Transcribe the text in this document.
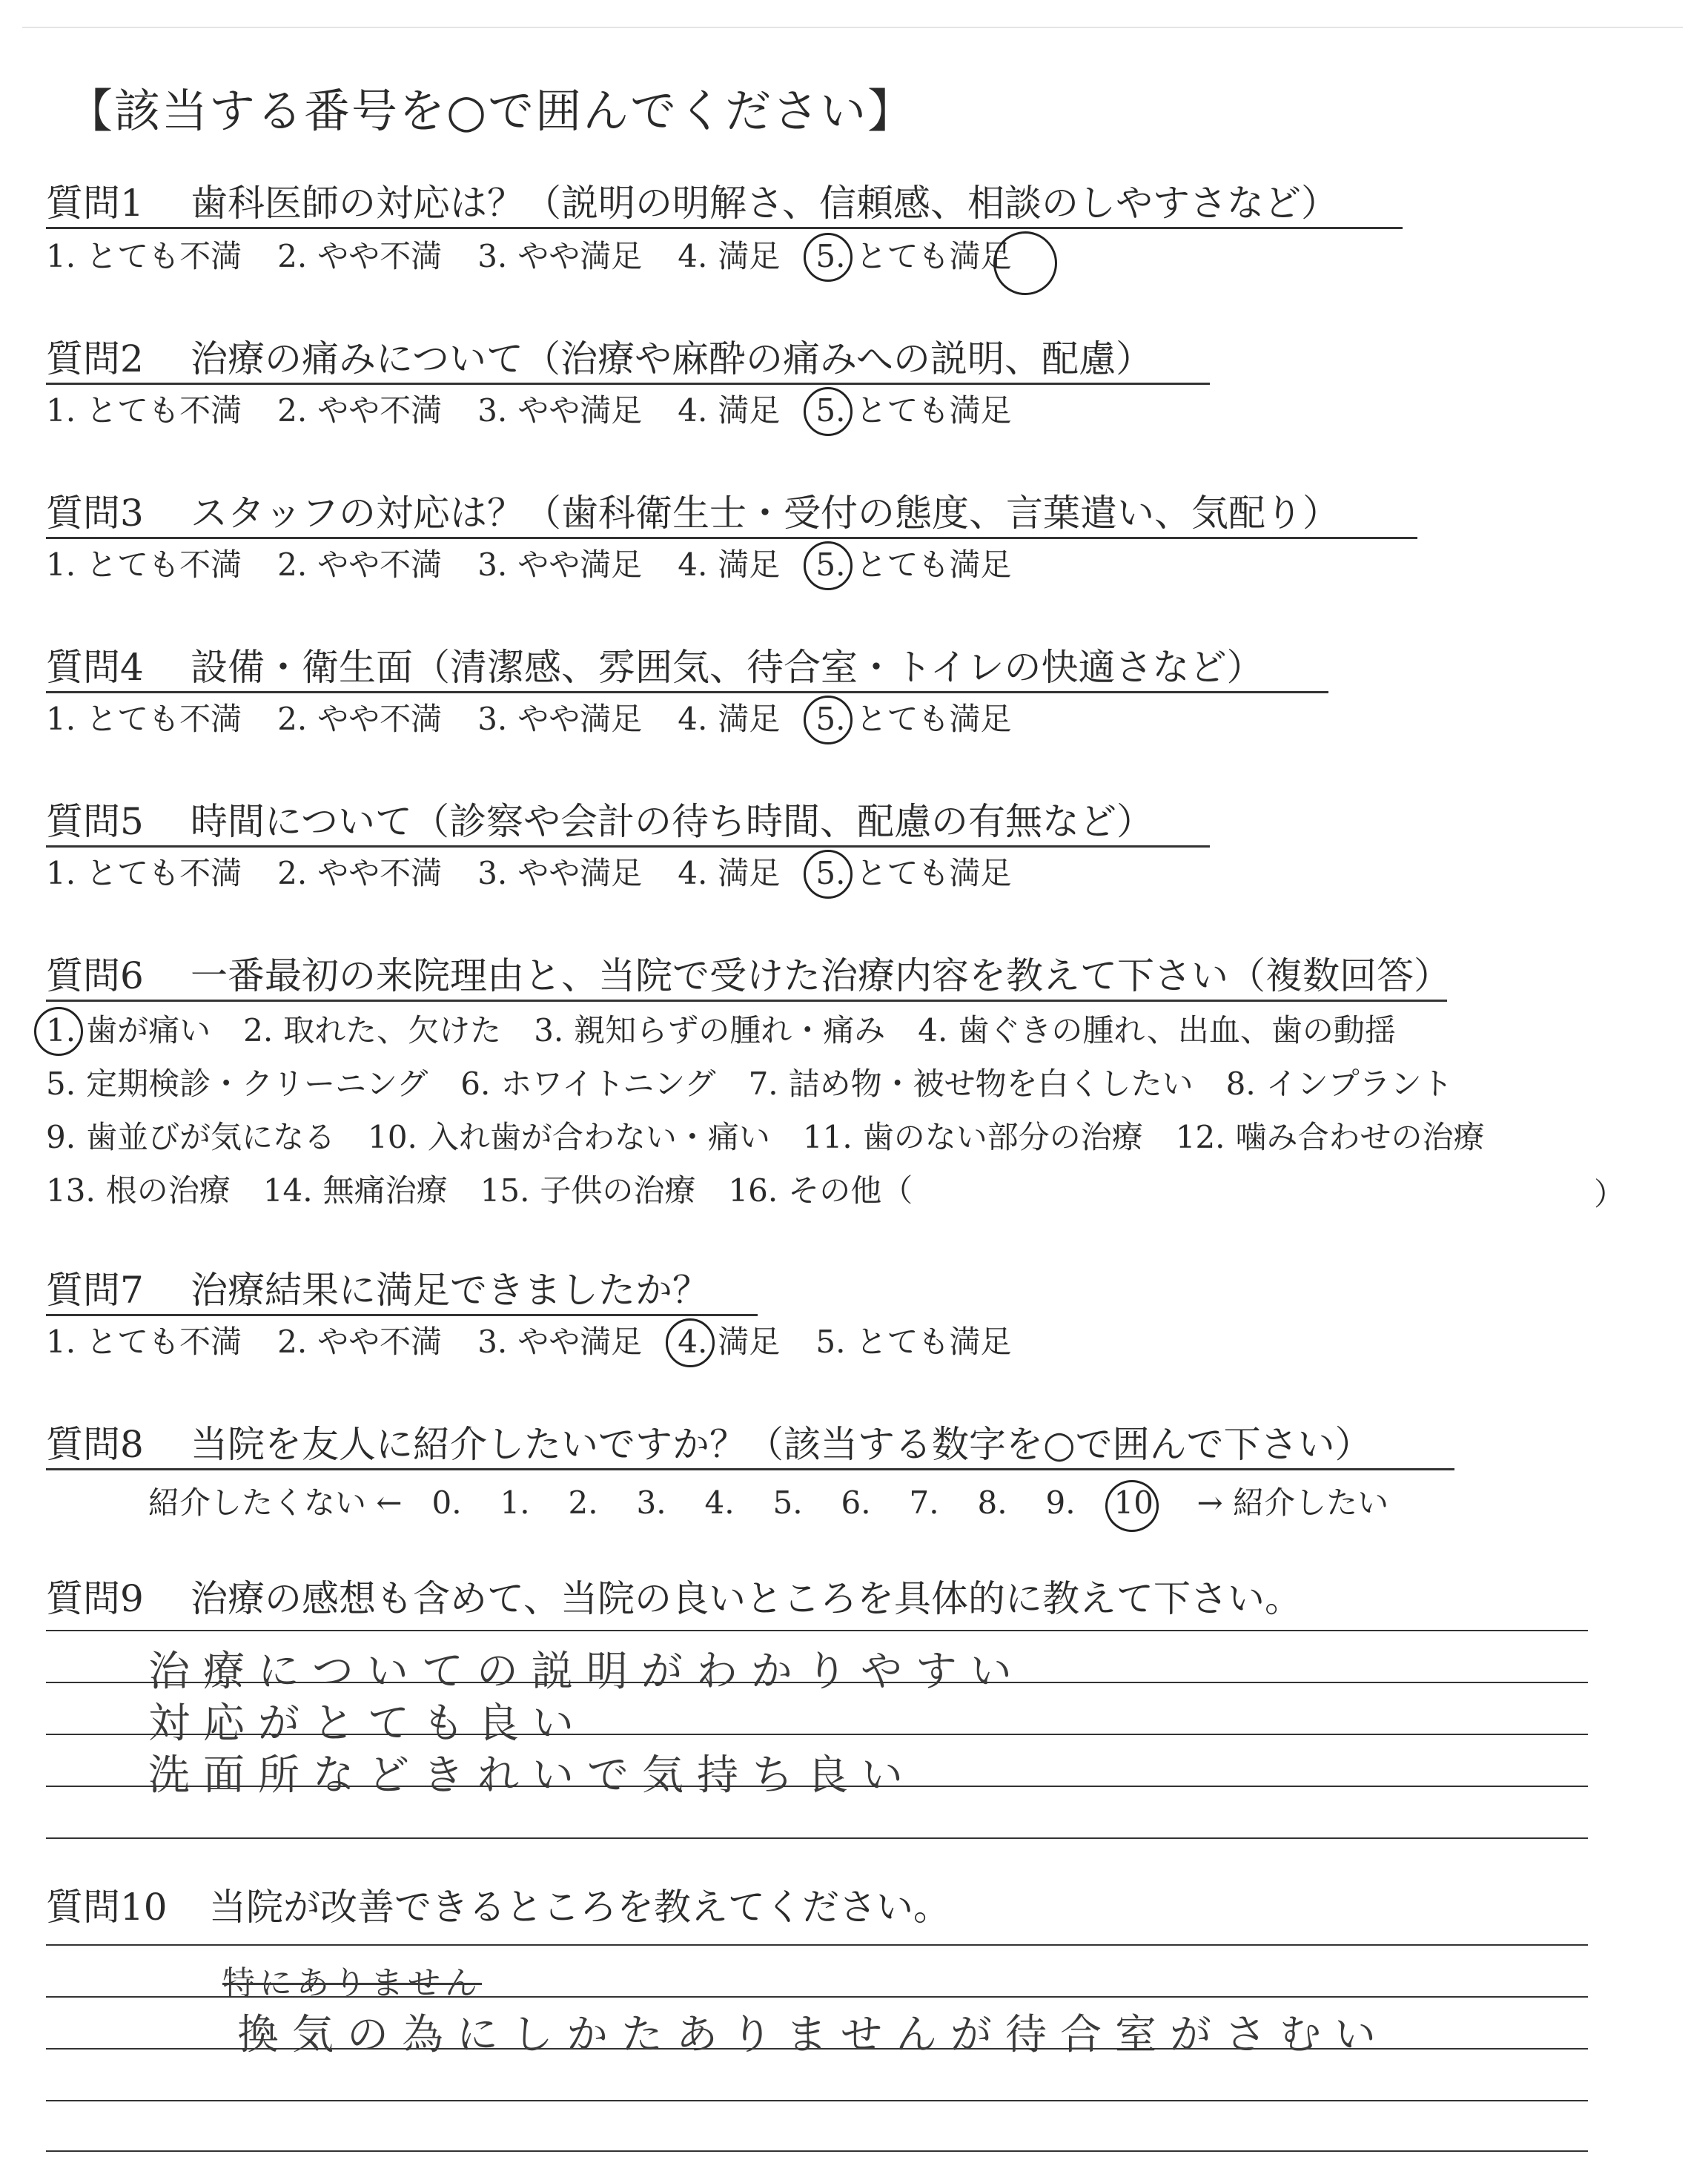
【該当する番号を○で囲んでください】
質問1 歯科医師の対応は？（説明の明解さ、信頼感、相談のしやすさなど）
1. とても不満 2. やや不満 3. やや満足 4. 満足 5. とても満足
質問2 治療の痛みについて（治療や麻酔の痛みへの説明、配慮）
1. とても不満 2. やや不満 3. やや満足 4. 満足 5. とても満足
質問3 スタッフの対応は？（歯科衛生士・受付の態度、言葉遣い、気配り）
1. とても不満 2. やや不満 3. やや満足 4. 満足 5. とても満足
質問4 設備・衛生面（清潔感、雰囲気、待合室・トイレの快適さなど）
1. とても不満 2. やや不満 3. やや満足 4. 満足 5. とても満足
質問5 時間について（診察や会計の待ち時間、配慮の有無など）
1. とても不満 2. やや不満 3. やや満足 4. 満足 5. とても満足
質問6 一番最初の来院理由と、当院で受けた治療内容を教えて下さい（複数回答）
1. 歯が痛い 2. 取れた、欠けた 3. 親知らずの腫れ・痛み 4. 歯ぐきの腫れ、出血、歯の動揺
5. 定期検診・クリーニング 6. ホワイトニング 7. 詰め物・被せ物を白くしたい 8. インプラント
9. 歯並びが気になる 10. 入れ歯が合わない・痛い 11. 歯のない部分の治療 12. 噛み合わせの治療
13. 根の治療 14. 無痛治療 15. 子供の治療 16. その他（	）
質問7 治療結果に満足できましたか？
1. とても不満 2. やや不満 3. やや満足 4. 満足 5. とても満足
質問8 当院を友人に紹介したいですか？（該当する数字を○で囲んで下さい）
紹介したくない ← 0. 1. 2. 3. 4. 5. 6. 7. 8. 9. 10 → 紹介したい
質問9 治療の感想も含めて、当院の良いところを具体的に教えて下さい。
治療についての説明がわかりやすい
対応がとても良い
洗面所などきれいで気持ち良い
質問10 当院が改善できるところを教えてください。
特にありません
換気の為にしかたありませんが待合室がさむい
